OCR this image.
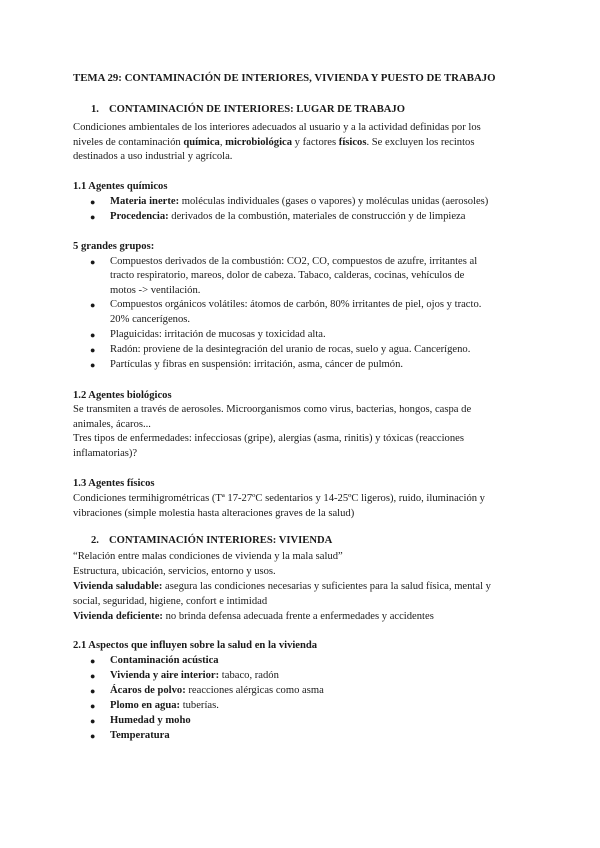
TEMA 29: CONTAMINACIÓN DE INTERIORES, VIVIENDA Y PUESTO DE TRABAJO
1. CONTAMINACIÓN DE INTERIORES: LUGAR DE TRABAJO
Condiciones ambientales de los interiores adecuados al usuario y a la actividad definidas por los
niveles de contaminación química, microbiológica y factores físicos. Se excluyen los recintos
destinados a uso industrial y agrícola.
1.1 Agentes químicos
● Materia inerte: moléculas individuales (gases o vapores) y moléculas unidas (aerosoles)
● Procedencia: derivados de la combustión, materiales de construcción y de limpieza
5 grandes grupos:
● Compuestos derivados de la combustión: CO2, CO, compuestos de azufre, irritantes al
tracto respiratorio, mareos, dolor de cabeza. Tabaco, calderas, cocinas, vehículos de
motos -> ventilación.
● Compuestos orgánicos volátiles: átomos de carbón, 80% irritantes de piel, ojos y tracto.
20% cancerígenos.
● Plaguicidas: irritación de mucosas y toxicidad alta.
● Radón: proviene de la desintegración del uranio de rocas, suelo y agua. Cancerígeno.
● Partículas y fibras en suspensión: irritación, asma, cáncer de pulmón.
1.2 Agentes biológicos
Se transmiten a través de aerosoles. Microorganismos como virus, bacterias, hongos, caspa de
animales, ácaros...
Tres tipos de enfermedades: infecciosas (gripe), alergias (asma, rinitis) y tóxicas (reacciones
inflamatorias)?
1.3 Agentes físicos
Condiciones termihigrométricas (Tª 17-27ºC sedentarios y 14-25ºC ligeros), ruido, iluminación y
vibraciones (simple molestia hasta alteraciones graves de la salud)
2. CONTAMINACIÓN INTERIORES: VIVIENDA
“Relación entre malas condiciones de vivienda y la mala salud”
Estructura, ubicación, servicios, entorno y usos.
Vivienda saludable: asegura las condiciones necesarias y suficientes para la salud física, mental y
social, seguridad, higiene, confort e intimidad
Vivienda deficiente: no brinda defensa adecuada frente a enfermedades y accidentes
2.1 Aspectos que influyen sobre la salud en la vivienda
● Contaminación acústica
● Vivienda y aire interior: tabaco, radón
● Ácaros de polvo: reacciones alérgicas como asma
● Plomo en agua: tuberías.
● Humedad y moho
● Temperatura
